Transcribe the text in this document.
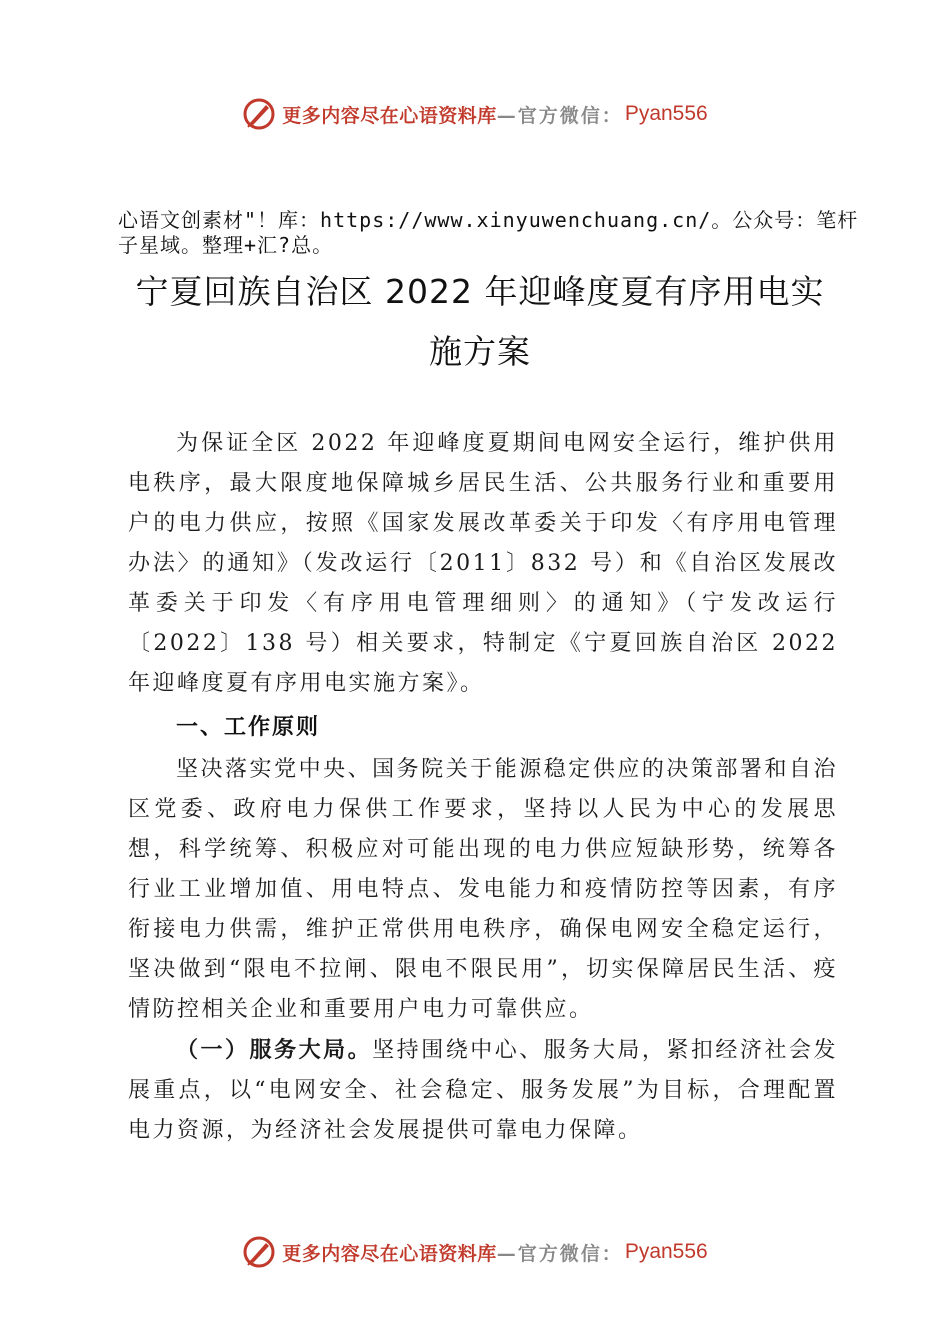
更多内容尽在心语资料库 —官方微信： Pyan556
心语文创素材"！库：https://www.xinyuwenchuang.cn/。公众号：笔杆子星域。整理+汇?总。
宁夏回族自治区 2022 年迎峰度夏有序用电实
施方案
为保证全区 2022 年迎峰度夏期间电网安全运行，维护供用电秩序，最大限度地保障城乡居民生活、公共服务行业和重要用 户的电力供应，按照《国家发展改革委关于印发〈有序用电管理办法〉的通知》（发改运行〔2011〕832 号）和《自治区发展改革委关于印发〈有序用电管理细则〉的通知》（宁发改运行〔2022〕138 号）相关要求，特制定《宁夏回族自治区 2022 年迎峰度夏有序用电实施方案》。
一、工作原则
坚决落实党中央、国务院关于能源稳定供应的决策部署和自治区党委、政府电力保供工作要求，坚持以人民为中心的发展思想，科学统筹、积极应对可能出现的电力供应短缺形势，统筹各行业工业增加值、用电特点、发电能力和疫情防控等因素，有序衔接电力供需，维护正常供用电秩序，确保电网安全稳定运行， 坚决做到“限电不拉闸、限电不限民用”，切实保障居民生活、疫情防控相关企业和重要用户电力可靠供应。
（一）服务大局。坚持围绕中心、服务大局，紧扣经济社会发展重点，以“电网安全、社会稳定、服务发展”为目标，合理配置电力资源，为经济社会发展提供可靠电力保障。
更多内容尽在心语资料库 —官方微信： Pyan556
